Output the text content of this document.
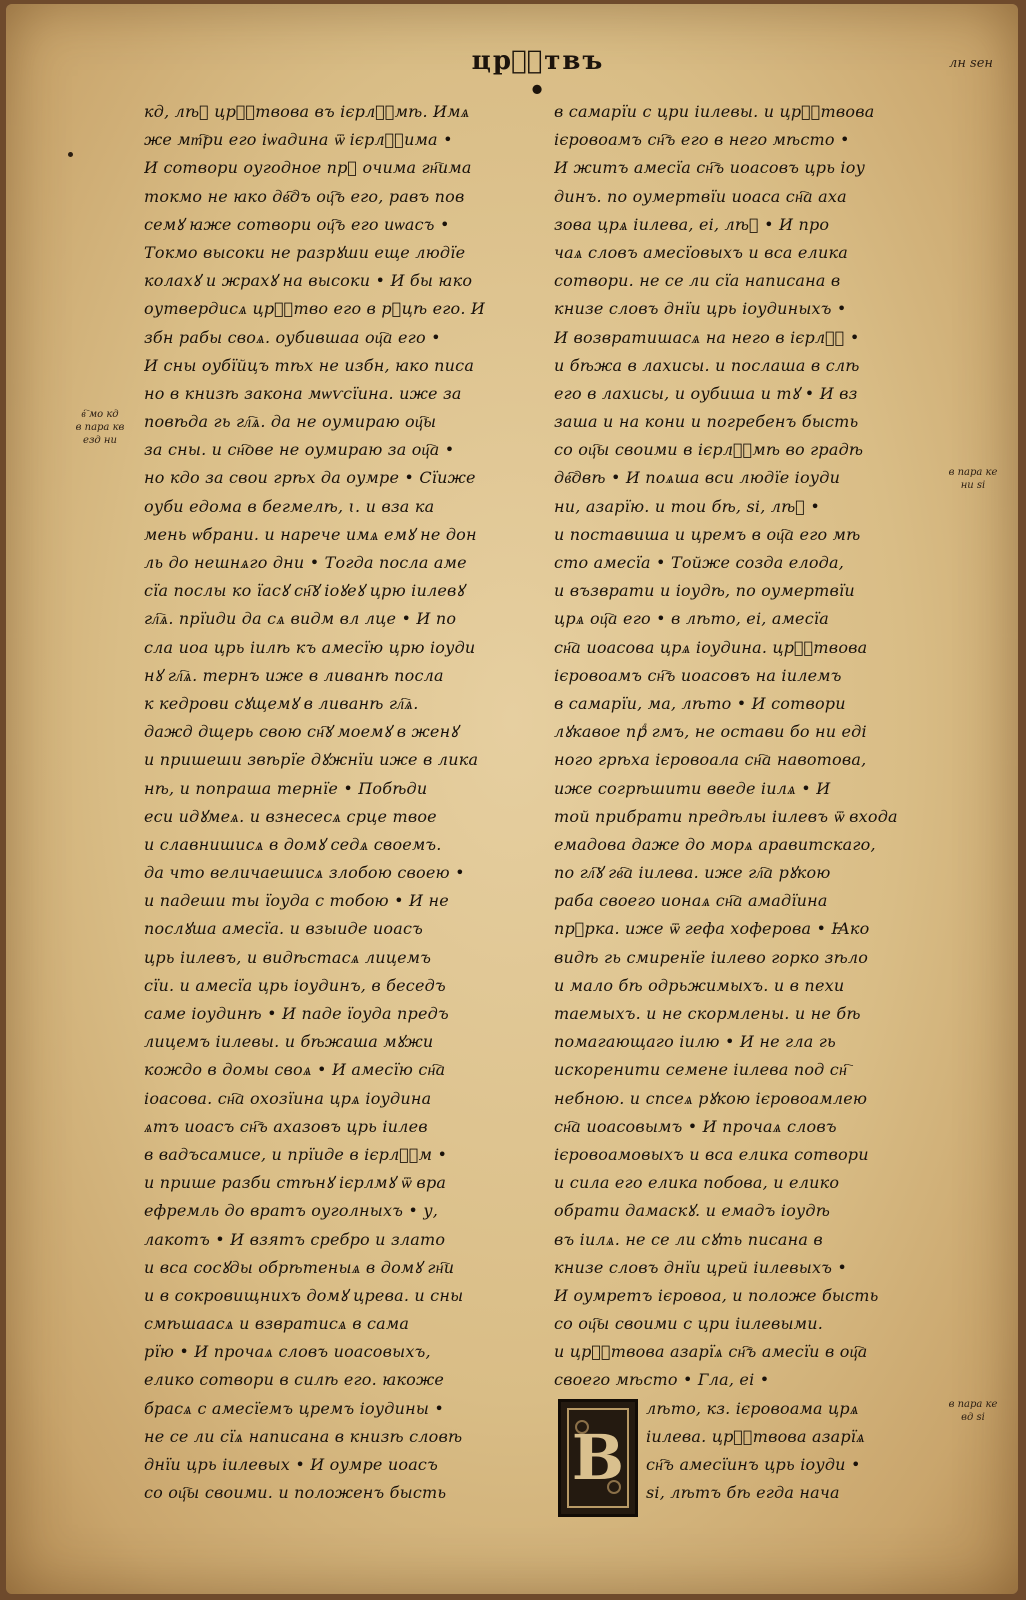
црⷭ҇твъ •
лн ѕен
в҇ мо кд
в пара кв
езд ни
в пара ке
ни ѕі
в пара ке
вд ѕі
кд, лѣⷮ црⷭ҇твова въ ієрлⷭ҇мѣ. Имѧ
же мт҇ри его іѡадина ѿ ієрлⷭ҇има •
И сотвори оугодное прⷣ очима гн҇има
токмо не ꙗко дв҇дъ оц҇ъ его, равъ пов
семꙋ ꙗже сотвори оц҇ъ его иѡасъ •
Токмо высоки не разрꙋши еще людїе
колахꙋ и жрахꙋ на высоки • И бы ꙗко
оутвердисѧ црⷭ҇тво его в рꙋцѣ его. И
збн рабы своѧ. оубившаа оц҇а его •
И сны оубїйцъ тѣх не избн, ꙗко писа
но в книзѣ закона мѡѵсїина. иже за
повѣда гь гл҇ѧ. да не оумираю оц҇ы
за сны. и сн҇ове не оумираю за оц҇а •
но кдо за свои грѣх да оумре • Сїиже
оуби едома в бегмелѣ, ꙇ. и вза ка
мень ѡбрани. и нарече имѧ емꙋ не дон
ль до нешнѧго дни • Тогда посла аме
сїа послы ко їасꙋ сн҇ꙋ іоꙋеꙋ црю іилевꙋ
гл҇ѧ. прїиди да сѧ видм вл лце • И по
сла иоа црь іилѣ къ амесїю црю іоуди
нꙋ гл҇ѧ. тернъ иже в ливанѣ посла
к кедрови сꙋщемꙋ в ливанѣ гл҇ѧ.
дажд дщерь свою сн҇ꙋ моемꙋ в женꙋ
и пришеши звѣрїе дꙋжнїи иже в лика
нѣ, и попраша тернїе • Побѣди
еси идꙋмеѧ. и взнесесѧ срце твое
и славнишисѧ в домꙋ седѧ своемъ.
да что величаешисѧ злобою своею •
и падеши ты їоуда с тобою • И не
послꙋша амесїа. и взыиде иоасъ
црь іилевъ, и видѣстасѧ лицемъ
сїи. и амесїа црь іоудинъ, в беседъ
саме іоудинѣ • И паде їоуда предъ
лицемъ іилевы. и бѣжаша мꙋжи
кождо в домы своѧ • И амесїю сн҇а
іоасова. сн҇а охозїина црѧ іоудина
ѧтъ иоасъ сн҇ъ ахазовъ црь іилев
в вадъсамисе, и прїиде в ієрлⷭ҇м •
и прише разби стѣнꙋ ієрлмꙋ ѿ вра
ефремль до вратъ оуголныхъ • у,
лакотъ • И взятъ сребро и злато
и вса сосꙋды обрѣтеныѧ в домꙋ гн҇и
и в сокровищнихъ домꙋ црева. и сны
смѣшаасѧ и взвратисѧ в сама
рїю • И прочаѧ словъ иоасовыхъ,
елико сотвори в силѣ его. ꙗкоже
брасѧ с амесїемъ цремъ іоудины •
не се ли сїѧ написана в книзѣ словѣ
днїи црь іилевых • И оумре иоасъ
со оц҇ы своими. и положенъ бысть
в самарїи с цри іилевы. и црⷭ҇твова
ієровоамъ сн҇ъ его в него мѣсто •
И житъ амесїа сн҇ъ иоасовъ црь іоу
динъ. по оумертвїи иоаса сн҇а аха
зова црѧ іилева, еі, лѣⷮ • И про
чаѧ словъ амесїовыхъ и вса елика
сотвори. не се ли сїа написана в
книзе словъ днїи црь іоудиныхъ •
И возвратишасѧ на него в ієрлⷭ҇ •
и бѣжа в лахисы. и послаша в слѣ
его в лахисы, и оубиша и тꙋ • И вз
заша и на кони и погребенъ бысть
со оц҇ы своими в ієрлⷭ҇мѣ во градѣ
дв҇двѣ • И поѧша вси людїе іоуди
ни, азарїю. и тои бѣ, ѕі, лѣⷮ •
и поставиша и цремъ в оц҇а его мѣ
сто амесїа • Тойже созда елода,
и възврати и іоудѣ, по оумертвїи
црѧ оц҇а его • в лѣто, еі, амесїа
сн҇а иоасова црѧ іоудина. црⷭ҇твова
ієровоамъ сн҇ъ иоасовъ на іилемъ
в самарїи, ма, лѣто • И сотвори
лꙋкавое прⷣ гмъ, не остави бо ни еді
ного грѣха ієровоала сн҇а навотова,
иже согрѣшити введе іилѧ • И
той прибрати предѣлы іилевъ ѿ входа
емадова даже до морѧ аравитскаго,
по гл҇ꙋ гв҇а іилева. иже гл҇а рꙋкою
раба своего ионаѧ сн҇а амадїина
прⷪрка. иже ѿ гефа хоферова • Ꙗко
видѣ гь смиренїе іилево горко зѣло
и мало бѣ одрьжимыхъ. и в пехи
таемыхъ. и не скормлены. и не бѣ
помагающаго іилю • И не гла гь
искоренити семене іилева под сн҇
небною. и спсеѧ рꙋкою ієровоамлею
сн҇а иоасовымъ • И прочаѧ словъ
ієровоамовыхъ и вса елика сотвори
и сила его елика побова, и елико
обрати дамаскꙋ. и емадъ іоудѣ
въ іилѧ. не се ли сꙋть писана в
книзе словъ днїи црей іилевыхъ •
И оумретъ ієровоа, и положе бысть
со оц҇ы своими с цри іилевыми.
и црⷭ҇твова азарїѧ сн҇ъ амесїи в оц҇а
своего мѣсто • Гла, еі •
В
лѣто, кз. ієровоама црѧ
іилева. црⷭ҇твова азарїѧ
сн҇ъ амесїинъ црь іоуди •
ѕі, лѣтъ бѣ егда нача
